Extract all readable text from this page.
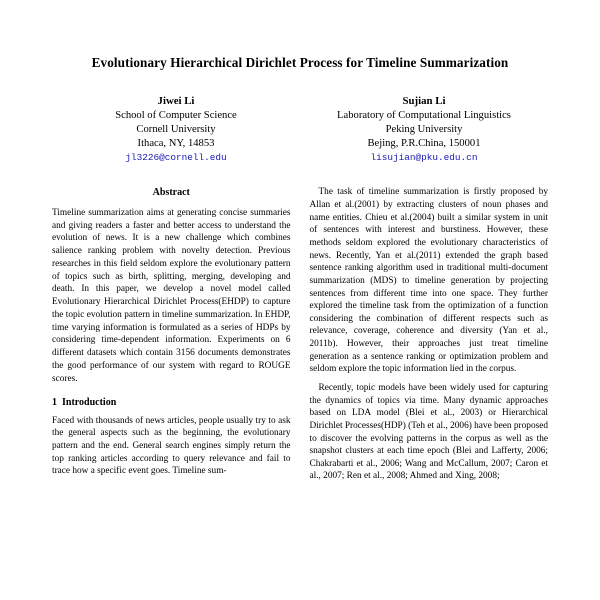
Evolutionary Hierarchical Dirichlet Process for Timeline Summarization
Jiwei Li
School of Computer Science
Cornell University
Ithaca, NY, 14853
jl3226@cornell.edu
Sujian Li
Laboratory of Computational Linguistics
Peking University
Bejing, P.R.China, 150001
lisujian@pku.edu.cn
Abstract

Timeline summarization aims at generating concise summaries and giving readers a faster and better access to understand the evolution of news. It is a new challenge which combines salience ranking problem with novelty detection. Previous researches in this field seldom explore the evolutionary pattern of topics such as birth, splitting, merging, developing and death. In this paper, we develop a novel model called Evolutionary Hierarchical Dirichlet Process(EHDP) to capture the topic evolution pattern in timeline summarization. In EHDP, time varying information is formulated as a series of HDPs by considering time-dependent information. Experiments on 6 different datasets which contain 3156 documents demonstrates the good performance of our system with regard to ROUGE scores.

1 Introduction

Faced with thousands of news articles, people usually try to ask the general aspects such as the beginning, the evolutionary pattern and the end. General search engines simply return the top ranking articles according to query relevance and fail to trace how a specific event goes. Timeline sum-

The task of timeline summarization is firstly proposed by Allan et al.(2001) by extracting clusters of noun phases and name entities. Chieu et al.(2004) built a similar system in unit of sentences with interest and burstiness. However, these methods seldom explored the evolutionary characteristics of news. Recently, Yan et al.(2011) extended the graph based sentence ranking algorithm used in traditional multi-document summarization (MDS) to timeline generation by projecting sentences from different time into one space. They further explored the timeline task from the optimization of a function considering the combination of different respects such as relevance, coverage, coherence and diversity (Yan et al., 2011b). However, their approaches just treat timeline generation as a sentence ranking or optimization problem and seldom explore the topic information lied in the corpus.

Recently, topic models have been widely used for capturing the dynamics of topics via time. Many dynamic approaches based on LDA model (Blei et al., 2003) or Hierarchical Dirichlet Processes(HDP) (Teh et al., 2006) have been proposed to discover the evolving patterns in the corpus as well as the snapshot clusters at each time epoch (Blei and Lafferty, 2006; Chakrabarti et al., 2006; Wang and McCallum, 2007; Caron et al., 2007; Ren et al., 2008; Ahmed and Xing, 2008;
